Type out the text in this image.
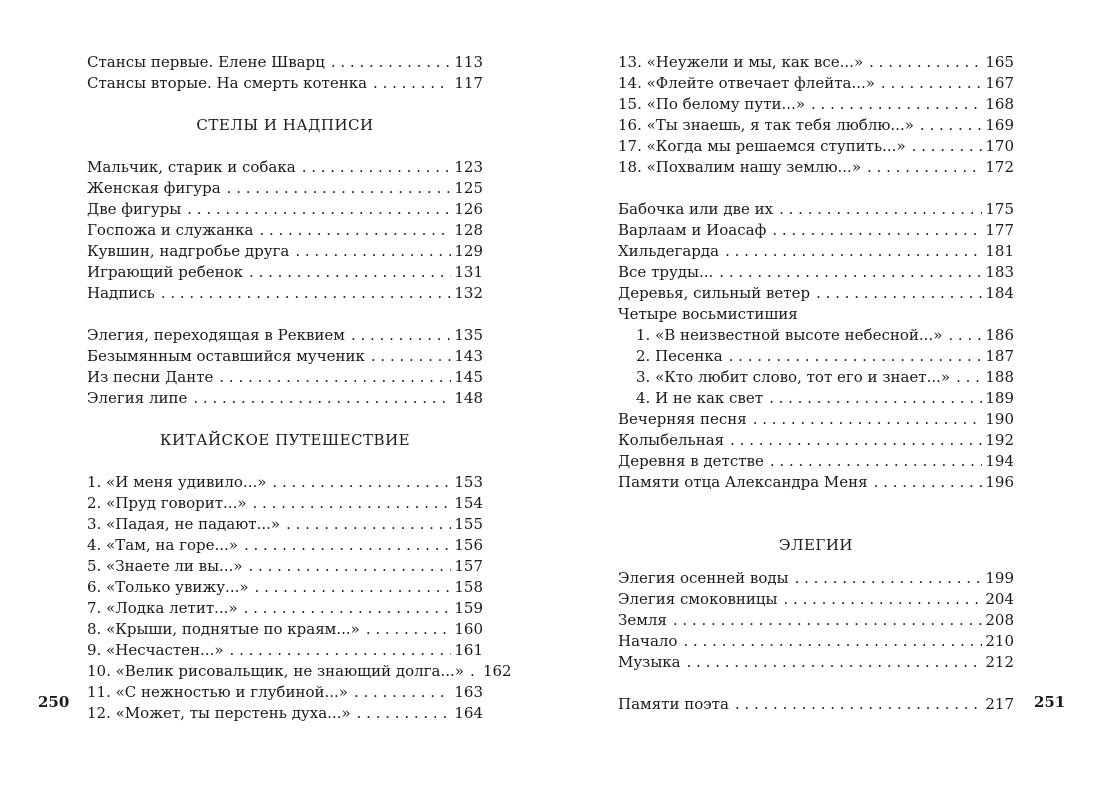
Стансы первые. Елене Шварц . . .	113
Стансы вторые. На смерть котенка . . .	117
СТЕЛЫ И НАДПИСИ
Мальчик, старик и собака . . .	123
Женская фигура . . .	125
Две фигуры . . .	126
Госпожа и служанка . . .	128
Кувшин, надгробье друга . . .	129
Играющий ребенок . . .	131
Надпись . . .	132
Элегия, переходящая в Реквием . . .	135
Безымянным оставшийся мученик . . .	143
Из песни Данте . . .	145
Элегия липе . . .	148
КИТАЙСКОЕ ПУТЕШЕСТВИЕ
1. «И меня удивило...» . . .	153
2. «Пруд говорит...» . . .	154
3. «Падая, не падают...» . . .	155
4. «Там, на горе...» . . .	156
5. «Знаете ли вы...» . . .	157
6. «Только увижу...» . . .	158
7. «Лодка летит...» . . .	159
8. «Крыши, поднятые по краям...» . . .	160
9. «Несчастен...» . . .	161
10. «Велик рисовальщик, не знающий долга...» . . . 162
11. «С нежностью и глубиной...» . . .	163
12. «Может, ты перстень духа...» . . .	164
13. «Неужели и мы, как все...» . . .	165
14. «Флейте отвечает флейта...» . . .	167
15. «По белому пути...» . . .	168
16. «Ты знаешь, я так тебя люблю...» . . .	169
17. «Когда мы решаемся ступить...» . . .	170
18. «Похвалим нашу землю...» . . .	172
Бабочка или две их . . .	175
Варлаам и Иоасаф . . .	177
Хильдегарда . . .	181
Все труды... . . .	183
Деревья, сильный ветер . . .	184
Четыре восьмистишия
1. «В неизвестной высоте небесной...» . . .	186
2. Песенка . . .	187
3. «Кто любит слово, тот его и знает...» . . . 188
4. И не как свет . . .	189
Вечерняя песня . . .	190
Колыбельная . . .	192
Деревня в детстве . . .	194
Памяти отца Александра Меня . . .	196
ЭЛЕГИИ
Элегия осенней воды . . .	199
Элегия смоковницы . . .	204
Земля . . .	208
Начало . . .	210
Музыка . . .	212
Памяти поэта . . .	217
250	251
